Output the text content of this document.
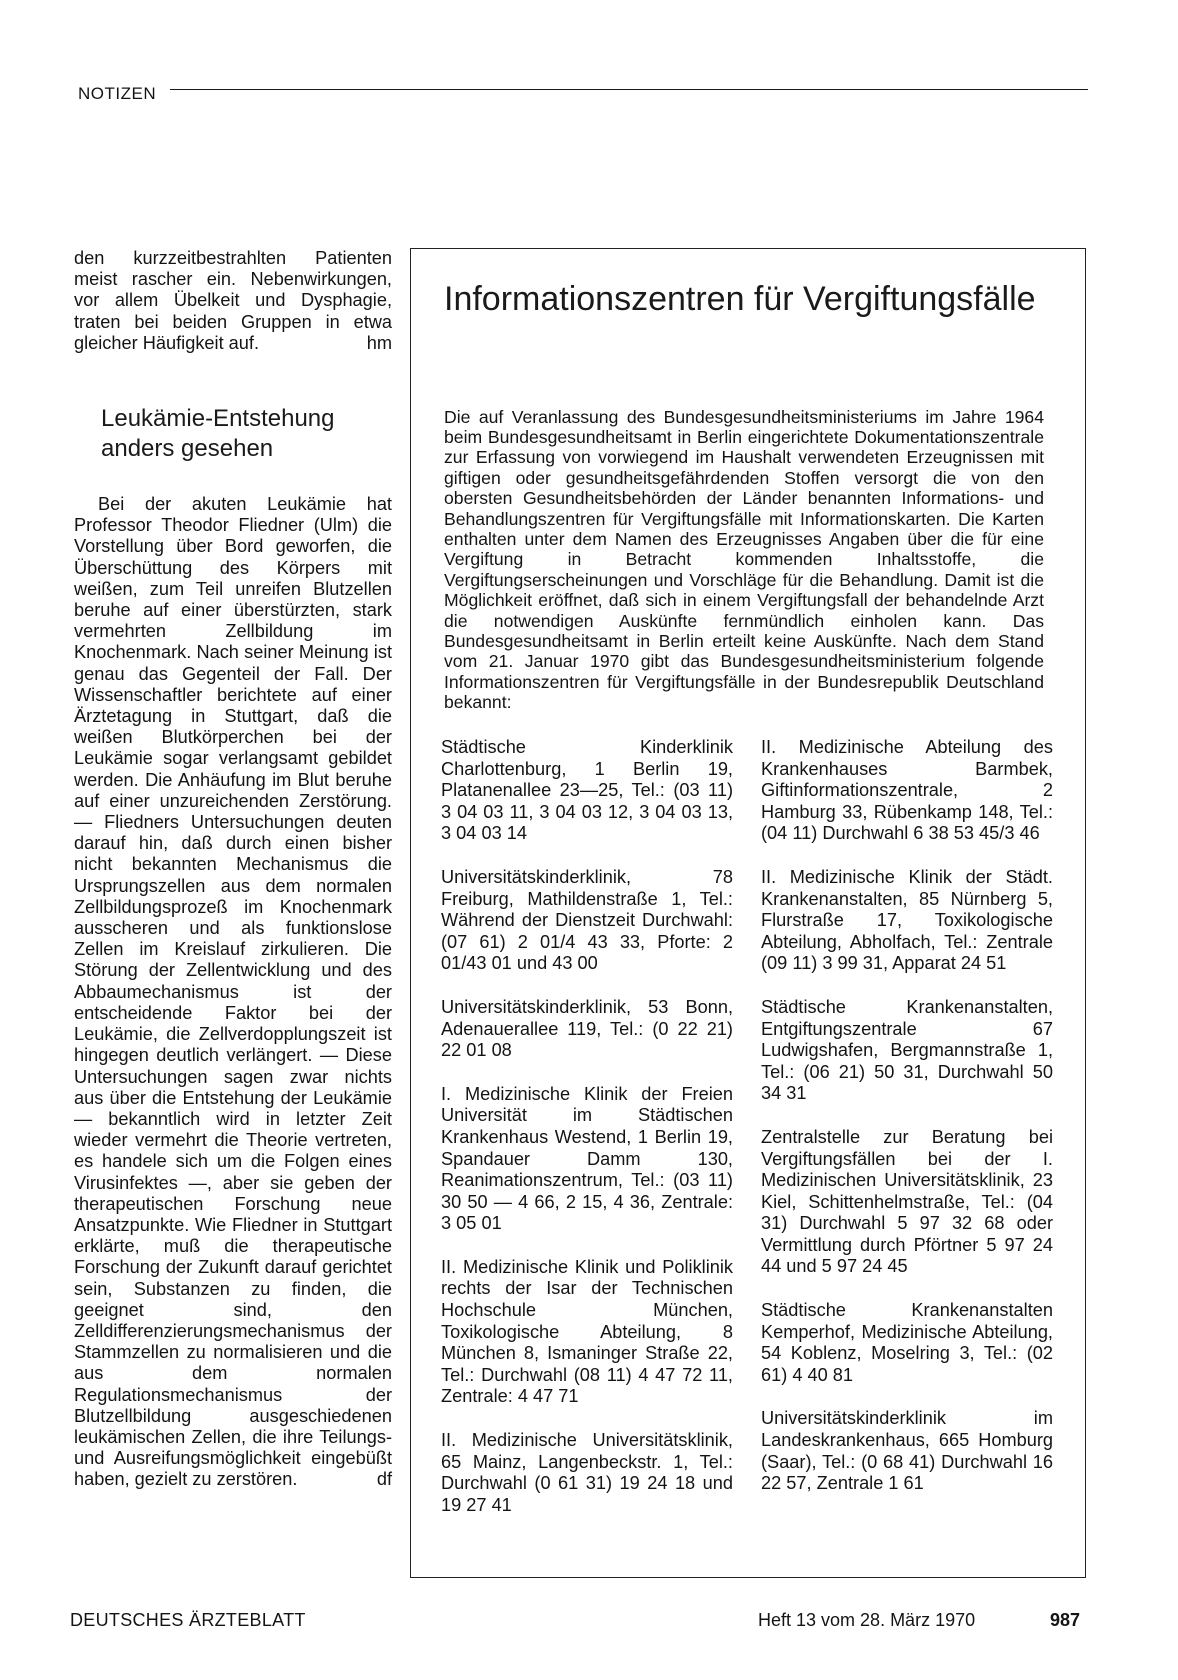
NOTIZEN

den kurzzeitbestrahlten Patienten meist rascher ein. Nebenwirkungen, vor allem Übelkeit und Dysphagie, traten bei beiden Gruppen in etwa gleicher Häufigkeit auf.	hm

Leukämie-Entstehung anders gesehen

Bei der akuten Leukämie hat Professor Theodor Fliedner (Ulm) die Vorstellung über Bord geworfen, die Überschüttung des Körpers mit weißen, zum Teil unreifen Blutzellen beruhe auf einer überstürzten, stark vermehrten Zellbildung im Knochenmark. Nach seiner Meinung ist genau das Gegenteil der Fall. Der Wissenschaftler berichtete auf einer Ärztetagung in Stuttgart, daß die weißen Blutkörperchen bei der Leukämie sogar verlangsamt gebildet werden. Die Anhäufung im Blut beruhe auf einer unzureichenden Zerstörung. — Fliedners Untersuchungen deuten darauf hin, daß durch einen bisher nicht bekannten Mechanismus die Ursprungszellen aus dem normalen Zellbildungsprozeß im Knochenmark ausscheren und als funktionslose Zellen im Kreislauf zirkulieren. Die Störung der Zellentwicklung und des Abbaumechanismus ist der entscheidende Faktor bei der Leukämie, die Zellverdopplungszeit ist hingegen deutlich verlängert. — Diese Untersuchungen sagen zwar nichts aus über die Entstehung der Leukämie — bekanntlich wird in letzter Zeit wieder vermehrt die Theorie vertreten, es handele sich um die Folgen eines Virusinfektes —, aber sie geben der therapeutischen Forschung neue Ansatzpunkte. Wie Fliedner in Stuttgart erklärte, muß die therapeutische Forschung der Zukunft darauf gerichtet sein, Substanzen zu finden, die geeignet sind, den Zelldifferenzierungsmechanismus der Stammzellen zu normalisieren und die aus dem normalen Regulationsmechanismus der Blutzellbildung ausgeschiedenen leukämischen Zellen, die ihre Teilungs- und Ausreifungsmöglichkeit eingebüßt haben, gezielt zu zerstören.	df

Informationszentren für Vergiftungsfälle

Die auf Veranlassung des Bundesgesundheitsministeriums im Jahre 1964 beim Bundesgesundheitsamt in Berlin eingerichtete Dokumentationszentrale zur Erfassung von vorwiegend im Haushalt verwendeten Erzeugnissen mit giftigen oder gesundheitsgefährdenden Stoffen versorgt die von den obersten Gesundheitsbehörden der Länder benannten Informations- und Behandlungszentren für Vergiftungsfälle mit Informationskarten. Die Karten enthalten unter dem Namen des Erzeugnisses Angaben über die für eine Vergiftung in Betracht kommenden Inhaltsstoffe, die Vergiftungserscheinungen und Vorschläge für die Behandlung. Damit ist die Möglichkeit eröffnet, daß sich in einem Vergiftungsfall der behandelnde Arzt die notwendigen Auskünfte fernmündlich einholen kann. Das Bundesgesundheitsamt in Berlin erteilt keine Auskünfte. Nach dem Stand vom 21. Januar 1970 gibt das Bundesgesundheitsministerium folgende Informationszentren für Vergiftungsfälle in der Bundesrepublik Deutschland bekannt:

Städtische Kinderklinik Charlottenburg, 1 Berlin 19, Platanenallee 23—25, Tel.: (03 11) 3 04 03 11, 3 04 03 12, 3 04 03 13, 3 04 03 14

Universitätskinderklinik, 78 Freiburg, Mathildenstraße 1, Tel.: Während der Dienstzeit Durchwahl: (07 61) 2 01/4 43 33, Pforte: 2 01/43 01 und 43 00

Universitätskinderklinik, 53 Bonn, Adenauerallee 119, Tel.: (0 22 21) 22 01 08

I. Medizinische Klinik der Freien Universität im Städtischen Krankenhaus Westend, 1 Berlin 19, Spandauer Damm 130, Reanimationszentrum, Tel.: (03 11) 30 50 — 4 66, 2 15, 4 36, Zentrale: 3 05 01

II. Medizinische Klinik und Poliklinik rechts der Isar der Technischen Hochschule München, Toxikologische Abteilung, 8 München 8, Ismaninger Straße 22, Tel.: Durchwahl (08 11) 4 47 72 11, Zentrale: 4 47 71

II. Medizinische Universitätsklinik, 65 Mainz, Langenbeckstr. 1, Tel.: Durchwahl (0 61 31) 19 24 18 und 19 27 41

II. Medizinische Abteilung des Krankenhauses Barmbek, Giftinformationszentrale, 2 Hamburg 33, Rübenkamp 148, Tel.: (04 11) Durchwahl 6 38 53 45/3 46

II. Medizinische Klinik der Städt. Krankenanstalten, 85 Nürnberg 5, Flurstraße 17, Toxikologische Abteilung, Abholfach, Tel.: Zentrale (09 11) 3 99 31, Apparat 24 51

Städtische Krankenanstalten, Entgiftungszentrale 67 Ludwigshafen, Bergmannstraße 1, Tel.: (06 21) 50 31, Durchwahl 50 34 31

Zentralstelle zur Beratung bei Vergiftungsfällen bei der I. Medizinischen Universitätsklinik, 23 Kiel, Schittenhelmstraße, Tel.: (04 31) Durchwahl 5 97 32 68 oder Vermittlung durch Pförtner 5 97 24 44 und 5 97 24 45

Städtische Krankenanstalten Kemperhof, Medizinische Abteilung, 54 Koblenz, Moselring 3, Tel.: (02 61) 4 40 81

Universitätskinderklinik im Landeskrankenhaus, 665 Homburg (Saar), Tel.: (0 68 41) Durchwahl 16 22 57, Zentrale 1 61

DEUTSCHES ÄRZTEBLATT	Heft 13 vom 28. März 1970	987
